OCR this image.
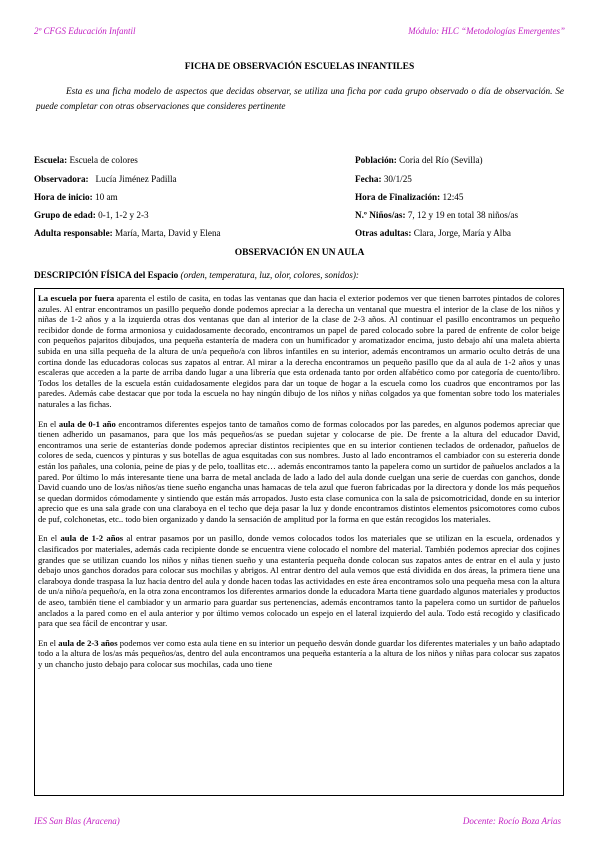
2º CFGS Educación Infantil	Módulo: HLC “Metodologías Emergentes”
FICHA DE OBSERVACIÓN ESCUELAS INFANTILES
Esta es una ficha modelo de aspectos que decidas observar, se utiliza una ficha por cada grupo observado o día de observación. Se puede completar con otras observaciones que consideres pertinente
Escuela: Escuela de colores	Población: Coria del Río (Sevilla)
Observadora: Lucía Jiménez Padilla	Fecha: 30/1/25
Hora de inicio: 10 am	Hora de Finalización: 12:45
Grupo de edad: 0-1, 1-2 y 2-3	N.º Niños/as: 7, 12 y 19 en total 38 niños/as
Adulta responsable: María, Marta, David y Elena	Otras adultas: Clara, Jorge, María y Alba
OBSERVACIÓN EN UN AULA
DESCRIPCIÓN FÍSICA del Espacio (orden, temperatura, luz, olor, colores, sonidos):

La escuela por fuera aparenta el estilo de casita, en todas las ventanas que dan hacia el exterior podemos ver que tienen barrotes pintados de colores azules. Al entrar encontramos un pasillo pequeño donde podemos apreciar a la derecha un ventanal que muestra el interior de la clase de los niños y niñas de 1-2 años y a la izquierda otras dos ventanas que dan al interior de la clase de 2-3 años. Al continuar el pasillo encontramos un pequeño recibidor donde de forma armoniosa y cuidadosamente decorado, encontramos un papel de pared colocado sobre la pared de enfrente de color beige con pequeños pajaritos dibujados, una pequeña estantería de madera con un humificador y aromatizador encima, justo debajo ahí una maleta abierta subida en una silla pequeña de la altura de un/a pequeño/a con libros infantiles en su interior, además encontramos un armario oculto detrás de una cortina donde las educadoras colocas sus zapatos al entrar. Al mirar a la derecha encontramos un pequeño pasillo que da al aula de 1-2 años y unas escaleras que acceden a la parte de arriba dando lugar a una librería que esta ordenada tanto por orden alfabético como por categoría de cuento/libro. Todos los detalles de la escuela están cuidadosamente elegidos para dar un toque de hogar a la escuela como los cuadros que encontramos por las paredes. Además cabe destacar que por toda la escuela no hay ningún dibujo de los niños y niñas colgados ya que fomentan sobre todo los materiales naturales a las fichas.

En el aula de 0-1 año encontramos diferentes espejos tanto de tamaños como de formas colocados por las paredes, en algunos podemos apreciar que tienen adherido un pasamanos, para que los más pequeños/as se puedan sujetar y colocarse de pie. De frente a la altura del educador David, encontramos una serie de estanterías donde podemos apreciar distintos recipientes que en su interior contienen teclados de ordenador, pañuelos de colores de seda, cuencos y pinturas y sus botellas de agua esquitadas con sus nombres. Justo al lado encontramos el cambiador con su estereria donde están los pañales, una colonia, peine de pias y de pelo, toallitas etc… además encontramos tanto la papelera como un surtidor de pañuelos anclados a la pared. Por último lo más interesante tiene una barra de metal anclada de lado a lado del aula donde cuelgan una serie de cuerdas con ganchos, donde David cuando uno de los/as niños/as tiene sueño engancha unas hamacas de tela azul que fueron fabricadas por la directora y donde los más pequeños se quedan dormidos cómodamente y sintiendo que están más arropados. Justo esta clase comunica con la sala de psicomotricidad, donde en su interior aprecio que es una sala grade con una claraboya en el techo que deja pasar la luz y donde encontramos distintos elementos psicomotores como cubos de puf, colchonetas, etc.. todo bien organizado y dando la sensación de amplitud por la forma en que están recogidos los materiales.

En el aula de 1-2 años al entrar pasamos por un pasillo, donde vemos colocados todos los materiales que se utilizan en la escuela, ordenados y clasificados por materiales, además cada recipiente donde se encuentra viene colocado el nombre del material. También podemos apreciar dos cojines grandes que se utilizan cuando los niños y niñas tienen sueño y una estantería pequeña donde colocan sus zapatos antes de entrar en el aula y justo debajo unos ganchos dorados para colocar sus mochilas y abrigos. Al entrar dentro del aula vemos que está dividida en dos áreas, la primera tiene una claraboya donde traspasa la luz hacia dentro del aula y donde hacen todas las actividades en este área encontramos solo una pequeña mesa con la altura de un/a niño/a pequeño/a, en la otra zona encontramos los diferentes armarios donde la educadora Marta tiene guardado algunos materiales y productos de aseo, también tiene el cambiador y un armario para guardar sus pertenencias, además encontramos tanto la papelera como un surtidor de pañuelos anclados a la pared como en el aula anterior y por último vemos colocado un espejo en el lateral izquierdo del aula. Todo está recogido y clasificado para que sea fácil de encontrar y usar.

En el aula de 2-3 años podemos ver como esta aula tiene en su interior un pequeño desván donde guardar los diferentes materiales y un baño adaptado todo a la altura de los/as más pequeños/as, dentro del aula encontramos una pequeña estantería a la altura de los niños y niñas para colocar sus zapatos y un chancho justo debajo para colocar sus mochilas, cada uno tiene

IES San Blas (Aracena)	Docente: Rocío Boza Arias
